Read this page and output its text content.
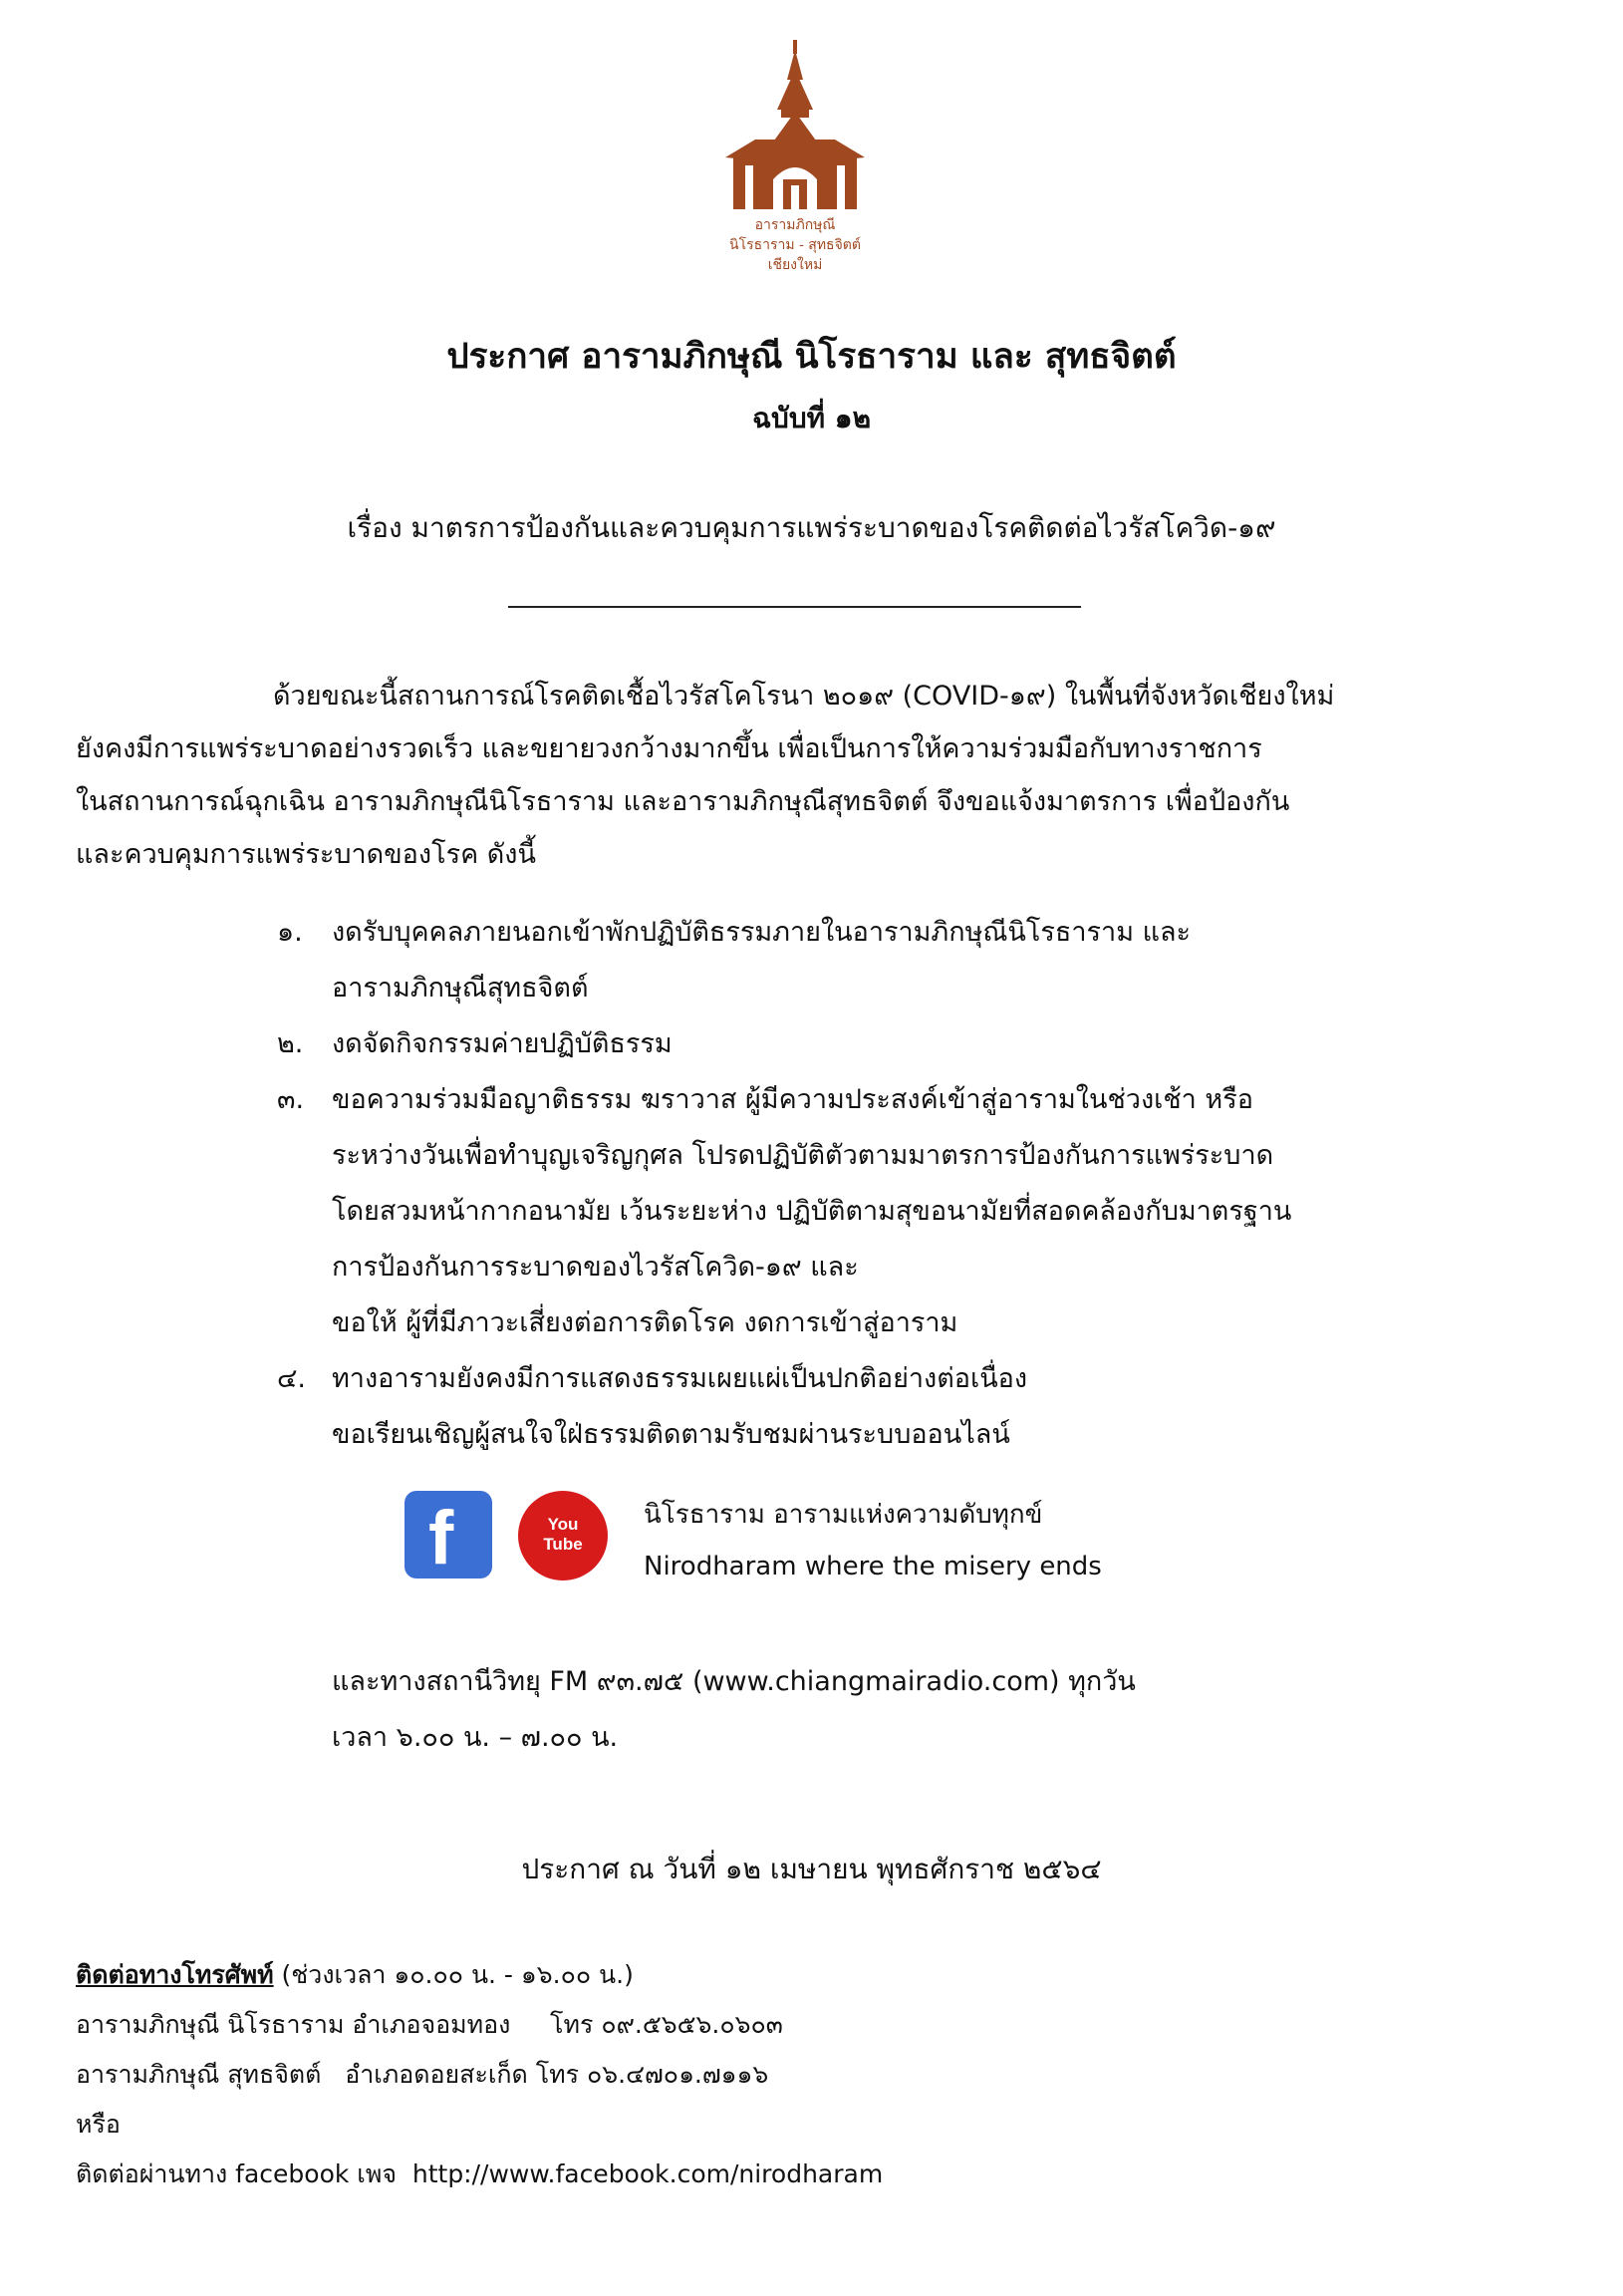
อารามภิกษุณี
นิโรธาราม - สุทธจิตต์
เชียงใหม่
ประกาศ อารามภิกษุณี นิโรธาราม และ สุทธจิตต์
ฉบับที่ ๑๒
เรื่อง มาตรการป้องกันและควบคุมการแพร่ระบาดของโรคติดต่อไวรัสโควิด-๑๙
ด้วยขณะนี้สถานการณ์โรคติดเชื้อไวรัสโคโรนา ๒๐๑๙ (COVID-๑๙) ในพื้นที่จังหวัดเชียงใหม่
ยังคงมีการแพร่ระบาดอย่างรวดเร็ว และขยายวงกว้างมากขึ้น เพื่อเป็นการให้ความร่วมมือกับทางราชการ
ในสถานการณ์ฉุกเฉิน อารามภิกษุณีนิโรธาราม และอารามภิกษุณีสุทธจิตต์ จึงขอแจ้งมาตรการ เพื่อป้องกัน
และควบคุมการแพร่ระบาดของโรค ดังนี้
๑.	งดรับบุคคลภายนอกเข้าพักปฏิบัติธรรมภายในอารามภิกษุณีนิโรธาราม และ
อารามภิกษุณีสุทธจิตต์
๒.	งดจัดกิจกรรมค่ายปฏิบัติธรรม
๓.	ขอความร่วมมือญาติธรรม ฆราวาส ผู้มีความประสงค์เข้าสู่อารามในช่วงเช้า หรือ
ระหว่างวันเพื่อทำบุญเจริญกุศล โปรดปฏิบัติตัวตามมาตรการป้องกันการแพร่ระบาด
โดยสวมหน้ากากอนามัย เว้นระยะห่าง ปฏิบัติตามสุขอนามัยที่สอดคล้องกับมาตรฐาน
การป้องกันการระบาดของไวรัสโควิด-๑๙ และ
ขอให้ ผู้ที่มีภาวะเสี่ยงต่อการติดโรค งดการเข้าสู่อาราม
๔. ทางอารามยังคงมีการแสดงธรรมเผยแผ่เป็นปกติอย่างต่อเนื่อง
ขอเรียนเชิญผู้สนใจใฝ่ธรรมติดตามรับชมผ่านระบบออนไลน์
f	You
Tube
นิโรธาราม อารามแห่งความดับทุกข์
Nirodharam where the misery ends
และทางสถานีวิทยุ FM ๙๓.๗๕ (www.chiangmairadio.com) ทุกวัน
เวลา ๖.๐๐ น. – ๗.๐๐ น.
ประกาศ ณ วันที่ ๑๒ เมษายน พุทธศักราช ๒๕๖๔
ติดต่อทางโทรศัพท์ (ช่วงเวลา ๑๐.๐๐ น. - ๑๖.๐๐ น.)
อารามภิกษุณี นิโรธาราม อำเภอจอมทอง     โทร ๐๙.๕๖๕๖.๐๖๐๓
อารามภิกษุณี สุทธจิตต์   อำเภอดอยสะเก็ด โทร ๐๖.๔๗๐๑.๗๑๑๖
หรือ
ติดต่อผ่านทาง facebook เพจ  http://www.facebook.com/nirodharam
